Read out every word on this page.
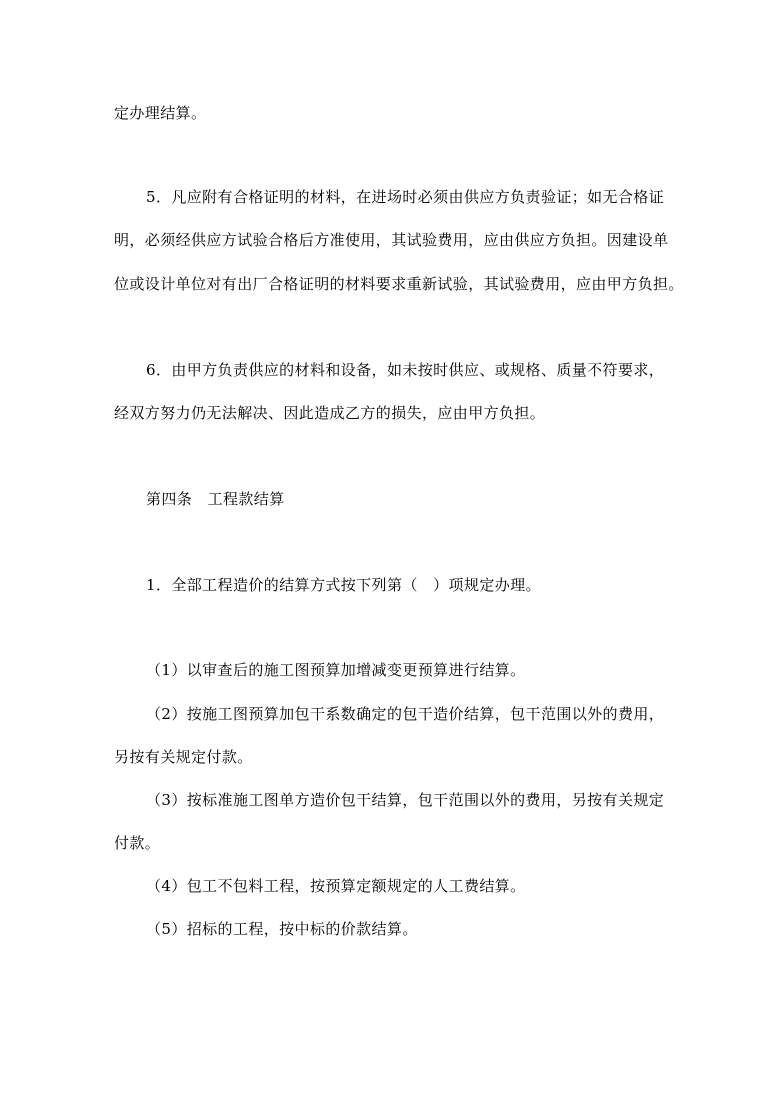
定办理结算。
5．凡应附有合格证明的材料，在进场时必须由供应方负责验证；如无合格证
明，必须经供应方试验合格后方准使用，其试验费用，应由供应方负担。因建设单
位或设计单位对有出厂合格证明的材料要求重新试验，其试验费用，应由甲方负担。
6．由甲方负责供应的材料和设备，如未按时供应、或规格、质量不符要求，
经双方努力仍无法解决、因此造成乙方的损失，应由甲方负担。
第四条　工程款结算
1．全部工程造价的结算方式按下列第（　）项规定办理。
（1）以审查后的施工图预算加增减变更预算进行结算。
（2）按施工图预算加包干系数确定的包干造价结算，包干范围以外的费用，
另按有关规定付款。
（3）按标准施工图单方造价包干结算，包干范围以外的费用，另按有关规定
付款。
（4）包工不包料工程，按预算定额规定的人工费结算。
（5）招标的工程，按中标的价款结算。
